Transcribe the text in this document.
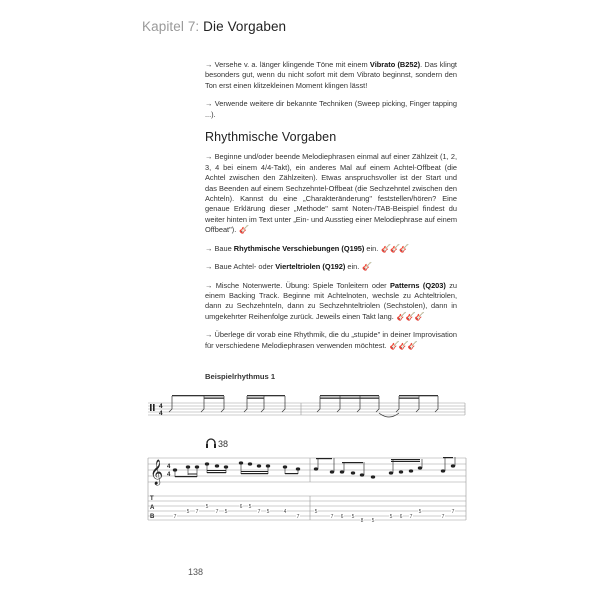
Kapitel 7: Die Vorgaben

→ Versehe v. a. länger klingende Töne mit einem Vibrato (B252). Das klingt besonders gut, wenn du nicht sofort mit dem Vibrato beginnst, sondern den Ton erst einen klitzekleinen Moment klingen lässt!

→ Verwende weitere dir bekannte Techniken (Sweep picking, Finger tapping ...).

Rhythmische Vorgaben

→ Beginne und/oder beende Melodiephrasen einmal auf einer Zählzeit (1, 2, 3, 4 bei einem 4/4-Takt), ein anderes Mal auf einem Achtel-Offbeat (die Achtel zwischen den Zählzeiten). Etwas anspruchsvoller ist der Start und das Beenden auf einem Sechzehntel-Offbeat (die Sechzehntel zwischen den Achteln). Kannst du eine „Charakteränderung" feststellen/hören? Eine genaue Erklärung dieser „Methode" samt Noten-/TAB-Beispiel findest du weiter hinten im Text unter „Ein- und Ausstieg einer Melodiephrase auf einem Offbeat"). 🎸

→ Baue Rhythmische Verschiebungen (Q195) ein. 🎸🎸🎸

→ Baue Achtel- oder Vierteltriolen (Q192) ein. 🎸

→ Mische Notenwerte. Übung: Spiele Tonleitern oder Patterns (Q203) zu einem Backing Track. Beginne mit Achtelnoten, wechsle zu Achteltriolen, dann zu Sechzehnteln, dann zu Sechzehnteltriolen (Sechstolen), dann in umgekehrter Reihenfolge zurück. Jeweils einen Takt lang. 🎸🎸🎸

→ Überlege dir vorab eine Rhythmik, die du „stupide" in deiner Improvisation für verschiedene Melodiephrasen verwenden möchtest. 🎸🎸🎸

Beispielrhythmus 1
4
4
38
𝄞 4
4
T
A
B	7
5 7
5
7 5
6 5
7 5	4
7
5
7 6 5
8 5
5 6 7
5
7
7
138
